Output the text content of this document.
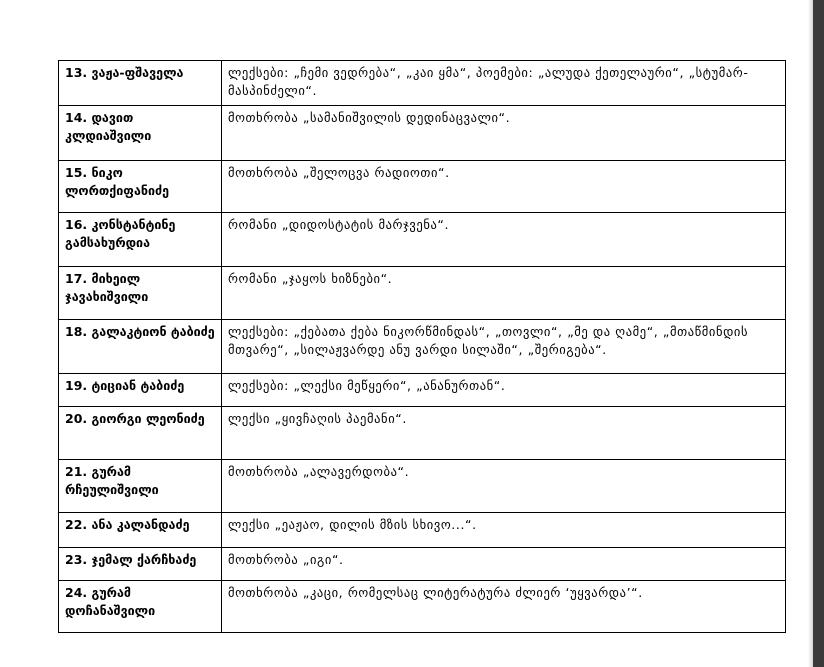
13. ვაჟა-ფშაველა	ლექსები: „ჩემი ვედრება“, „კაი ყმა“, პოემები: „ალუდა ქეთელაური“, „სტუმარ-მასპინძელი“.
14. დავით კლდიაშვილი	მოთხრობა „სამანიშვილის დედინაცვალი“.
15. ნიკო ლორთქიფანიძე	მოთხრობა „შელოცვა რადიოთი“.
16. კონსტანტინე გამსახურდია	რომანი „დიდოსტატის მარჯვენა“.
17. მიხეილ ჯავახიშვილი	რომანი „ჯაყოს ხიზნები“.
18. გალაკტიონ ტაბიძე	ლექსები: „ქებათა ქება ნიკორწმინდას“, „თოვლი“, „მე და ღამე“, „მთაწმინდის მთვარე“, „სილაჟვარდე ანუ ვარდი სილაში“, „შერიგება“.
19. ტიციან ტაბიძე	ლექსები: „ლექსი მეწყერი“, „ანანურთან“.
20. გიორგი ლეონიძე	ლექსი „ყივჩაღის პაემანი“.
21. გურამ რჩეულიშვილი	მოთხრობა „ალავერდობა“.
22. ანა კალანდაძე	ლექსი „ეაჟაო, დილის მზის სხივო...“.
23. ჯემალ ქარჩხაძე	მოთხრობა „იგი“.
24. გურამ დოჩანაშვილი	მოთხრობა „კაცი, რომელსაც ლიტერატურა ძლიერ ‘უყვარდა’“.
